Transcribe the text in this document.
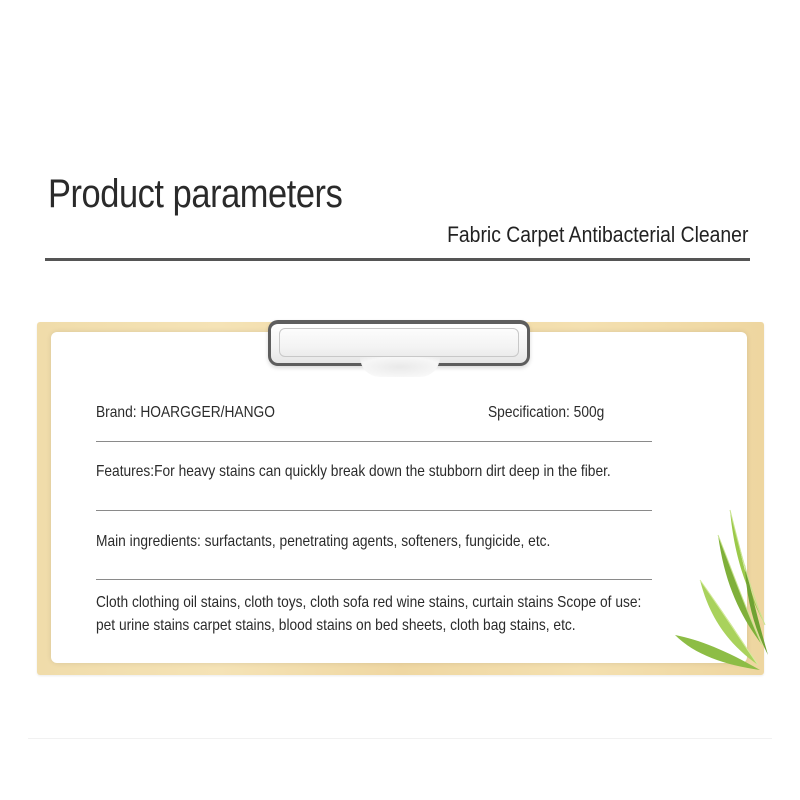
Product parameters
Fabric Carpet Antibacterial Cleaner
Brand: HOARGGER/HANGO	Specification: 500g
Features:For heavy stains can quickly break down the stubborn dirt deep in the fiber.
Main ingredients: surfactants, penetrating agents, softeners, fungicide, etc.
Cloth clothing oil stains, cloth toys, cloth sofa red wine stains, curtain stains Scope of use: pet urine stains carpet stains, blood stains on bed sheets, cloth bag stains, etc.
